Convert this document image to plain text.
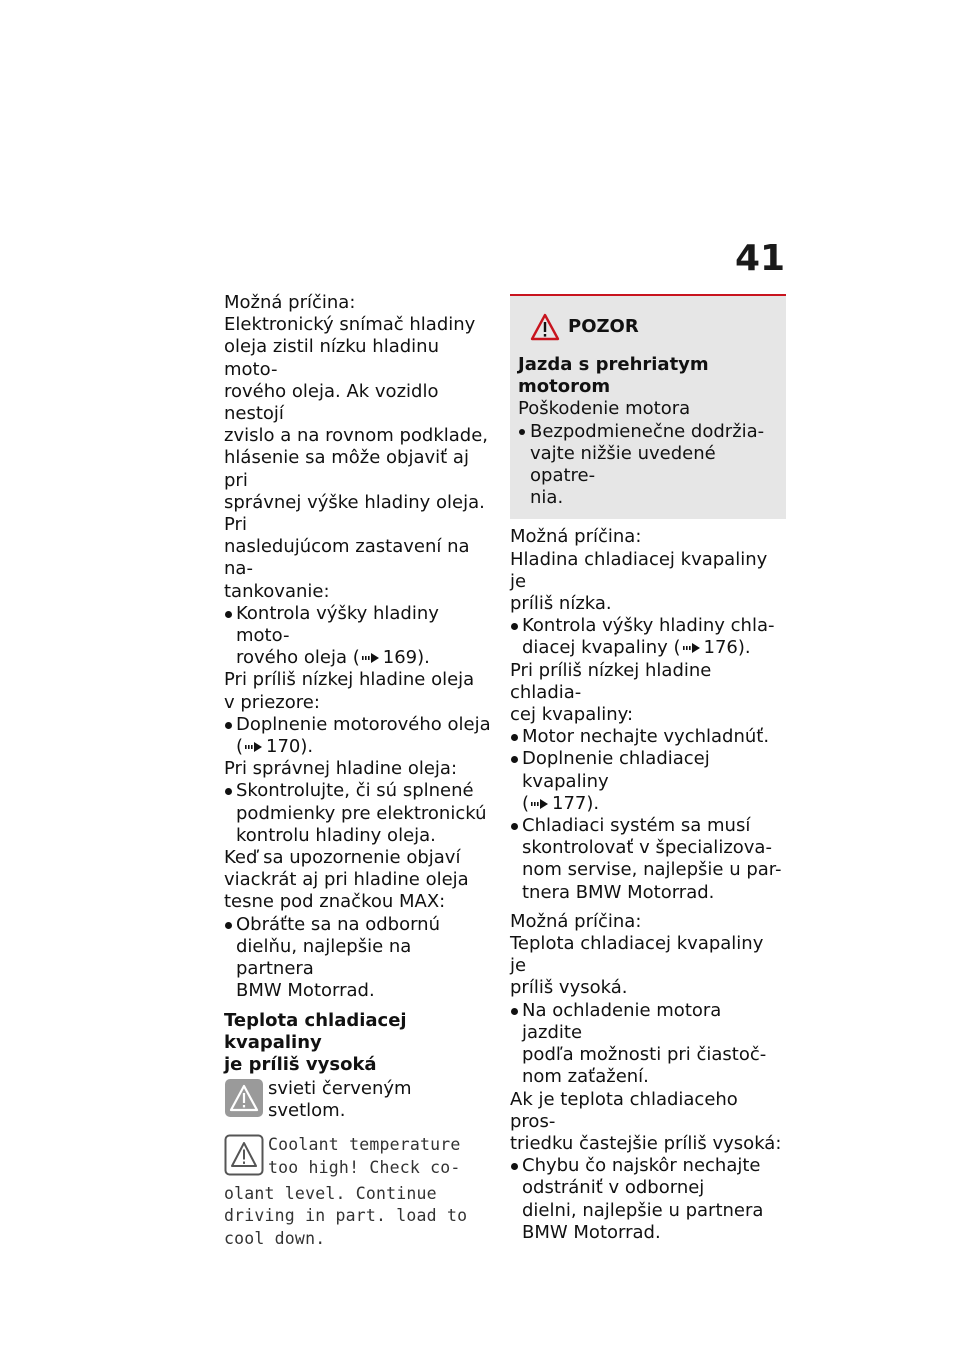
41

Možná príčina:

Elektronický snímač hladiny
oleja zistil nízku hladinu moto-
rového oleja. Ak vozidlo nestojí
zvislo a na rovnom podklade,
hlásenie sa môže objaviť aj pri
správnej výške hladiny oleja. Pri
nasledujúcom zastavení na na-
tankovanie:

Kontrola výšky hladiny moto-
rového oleja ( 169).

Pri príliš nízkej hladine oleja
v priezore:

Doplnenie motorového oleja
( 170).

Pri správnej hladine oleja:

Skontrolujte, či sú splnené
podmienky pre elektronickú
kontrolu hladiny oleja.

Keď sa upozornenie objaví
viackrát aj pri hladine oleja
tesne pod značkou MAX:

Obráťte sa na odbornú
dielňu, najlepšie na partnera
BMW Motorrad.

Teplota chladiacej kvapaliny
je príliš vysoká
svieti červeným svetlom.
Coolant temperature
too high! Check co-
olant level. Continue
driving in part. load to
cool down.
POZOR

Jazda s prehriatym motorom

Poškodenie motora

Bezpodmienečne dodržia-
vajte nižšie uvedené opatre-
nia.

Možná príčina:

Hladina chladiacej kvapaliny je
príliš nízka.

Kontrola výšky hladiny chla-
diacej kvapaliny ( 176).

Pri príliš nízkej hladine chladia-
cej kvapaliny:

Motor nechajte vychladnúť.

Doplnenie chladiacej kvapaliny
( 177).

Chladiaci systém sa musí
skontrolovať v špecializova-
nom servise, najlepšie u par-
tnera BMW Motorrad.

Možná príčina:

Teplota chladiacej kvapaliny je
príliš vysoká.

Na ochladenie motora jazdite
podľa možnosti pri čiastoč-
nom zaťažení.

Ak je teplota chladiaceho pros-
triedku častejšie príliš vysoká:

Chybu čo najskôr nechajte
odstrániť v odbornej
dielni, najlepšie u partnera
BMW Motorrad.
